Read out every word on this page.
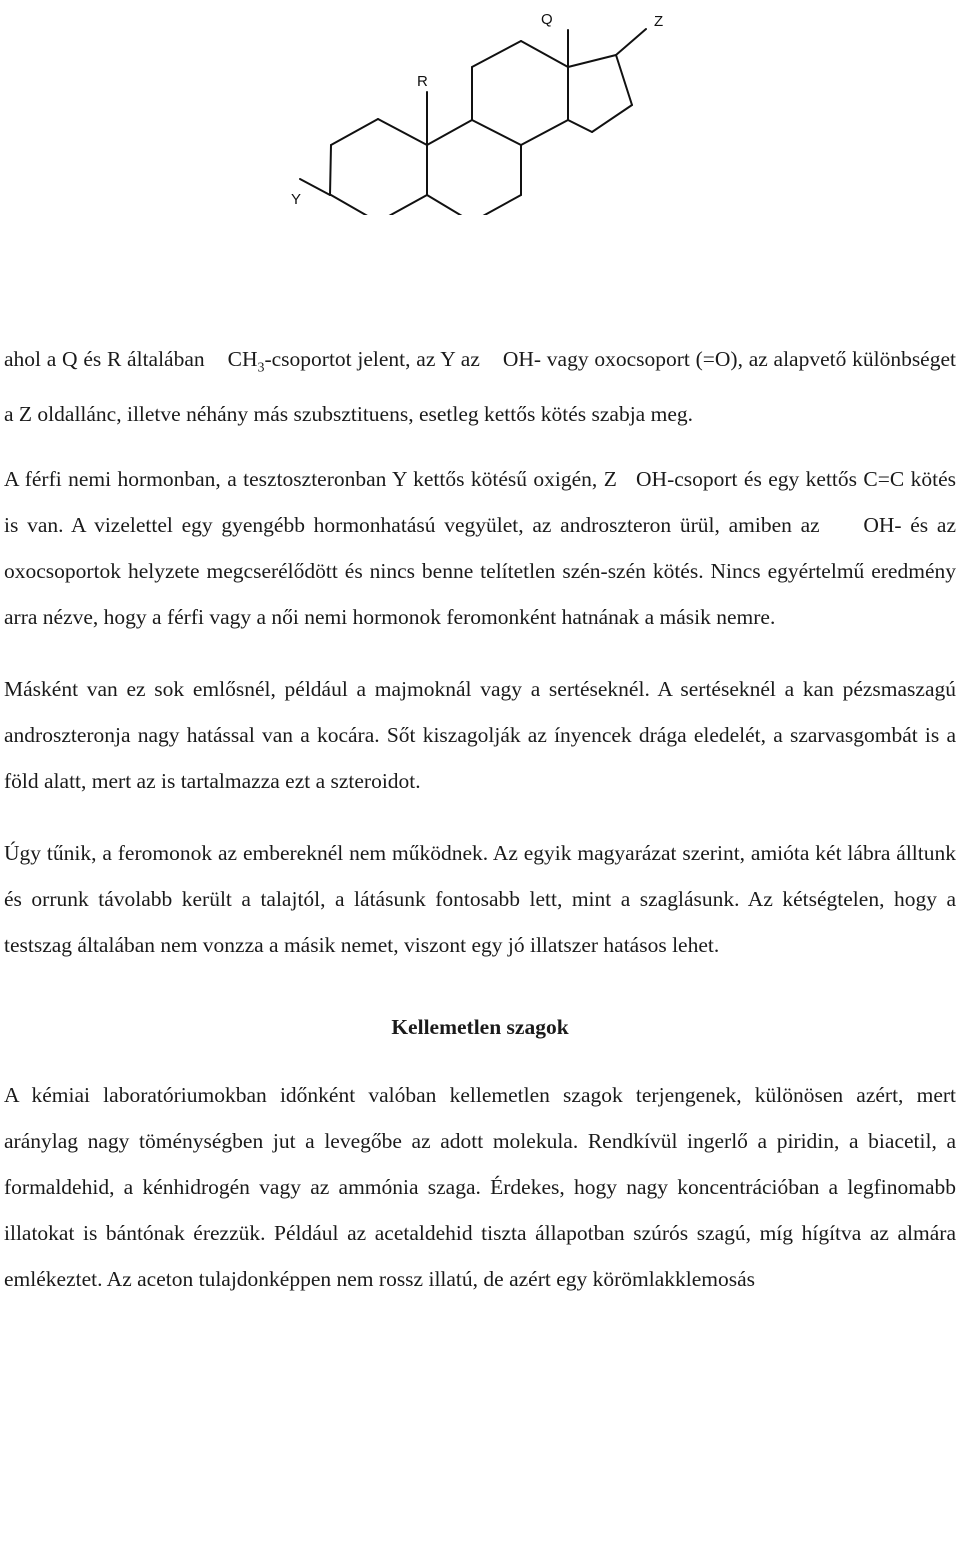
Q
R
Y
Z

ahol a Q és R általában    $CH_3$-csoportot jelent, az Y az    OH- vagy oxocsoport (=O), az alapvető különbséget a Z oldallánc, illetve néhány más szubsztituens, esetleg kettős kötés szabja meg.

A férfi nemi hormonban, a tesztoszteronban Y kettős kötésű oxigén, Z   OH-csoport és egy kettős C=C kötés is van. A vizelettel egy gyengébb hormonhatású vegyület, az androszteron ürül, amiben az     OH- és az oxocsoportok helyzete megcserélődött és nincs benne telítetlen szén-szén kötés. Nincs egyértelmű eredmény arra nézve, hogy a férfi vagy a női nemi hormonok feromonként hatnának a másik nemre.

Másként van ez sok emlősnél, például a majmoknál vagy a sertéseknél. A sertéseknél a kan pézsmaszagú androszteronja nagy hatással van a kocára. Sőt kiszagolják az ínyencek drága eledelét, a szarvasgombát is a föld alatt, mert az is tartalmazza ezt a szteroidot.

Úgy tűnik, a feromonok az embereknél nem működnek. Az egyik magyarázat szerint, amióta két lábra álltunk és orrunk távolabb került a talajtól, a látásunk fontosabb lett, mint a szaglásunk. Az kétségtelen, hogy a testszag általában nem vonzza a másik nemet, viszont egy jó illatszer hatásos lehet.

Kellemetlen szagok

A kémiai laboratóriumokban időnként valóban kellemetlen szagok terjengenek, különösen azért, mert aránylag nagy töménységben jut a levegőbe az adott molekula. Rendkívül ingerlő a piridin, a biacetil, a formaldehid, a kénhidrogén vagy az ammónia szaga. Érdekes, hogy nagy koncentrációban a legfinomabb illatokat is bántónak érezzük. Például az acetaldehid tiszta állapotban szúrós szagú, míg hígítva az almára emlékeztet. Az aceton tulajdonképpen nem rossz illatú, de azért egy körömlakklemosás
